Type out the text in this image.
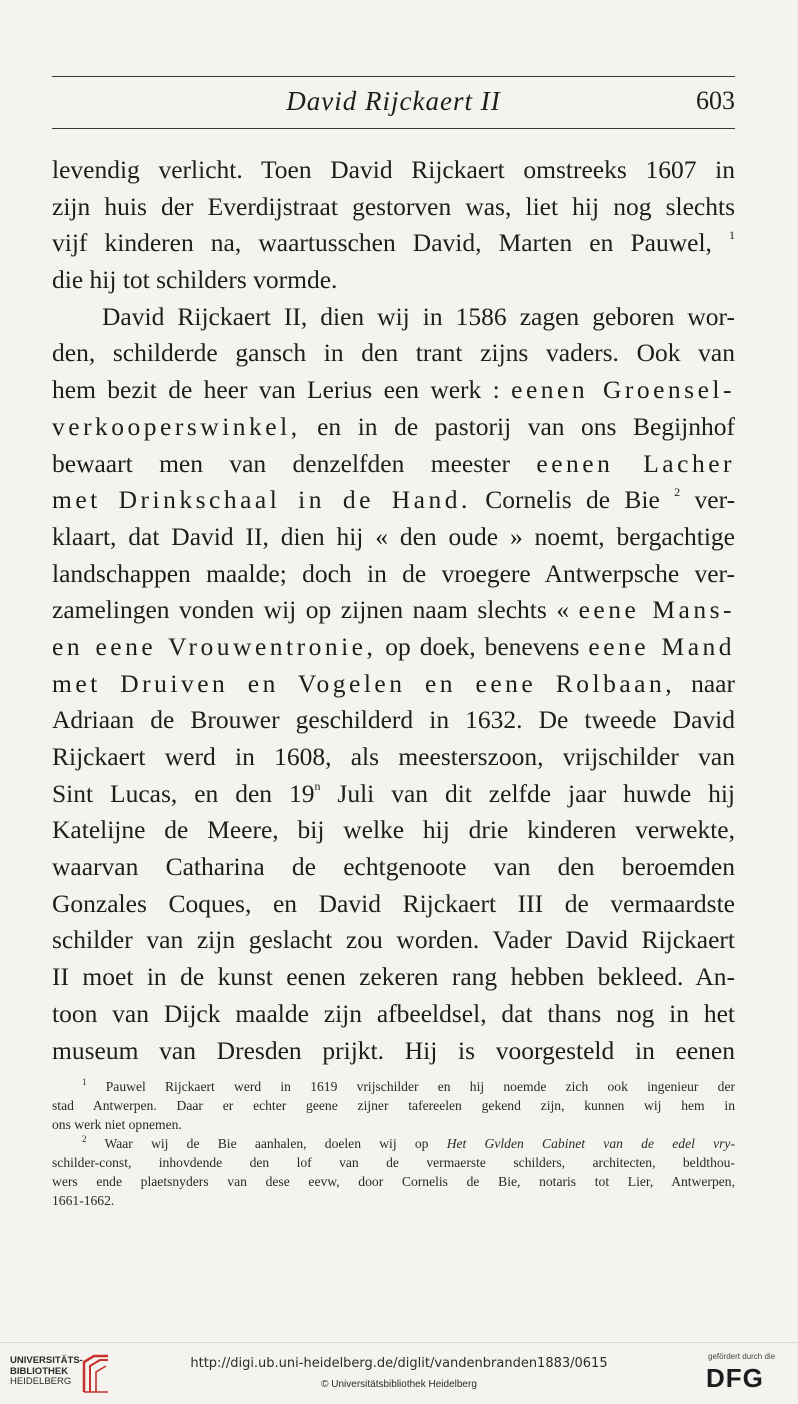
David Rijckaert II	603
levendig verlicht. Toen David Rijckaert omstreeks 1607 in
zijn huis der Everdijstraat gestorven was, liet hij nog slechts
vijf kinderen na, waartusschen David, Marten en Pauwel, $^1$
die hij tot schilders vormde.
David Rijckaert II, dien wij in 1586 zagen geboren wor-
den, schilderde gansch in den trant zijns vaders. Ook van
hem bezit de heer van Lerius een werk : eenen Groensel-
verkooperswinkel, en in de pastorij van ons Begijnhof
bewaart men van denzelfden meester eenen Lacher
met Drinkschaal in de Hand. Cornelis de Bie $^2$ ver-
klaart, dat David II, dien hij « den oude » noemt, bergachtige
landschappen maalde; doch in de vroegere Antwerpsche ver-
zamelingen vonden wij op zijnen naam slechts « eene Mans-
en eene Vrouwentronie, op doek, benevens eene Mand
met Druiven en Vogelen en eene Rolbaan, naar
Adriaan de Brouwer geschilderd in 1632. De tweede David
Rijckaert werd in 1608, als meesterszoon, vrijschilder van
Sint Lucas, en den 19$^n$ Juli van dit zelfde jaar huwde hij
Katelijne de Meere, bij welke hij drie kinderen verwekte,
waarvan Catharina de echtgenoote van den beroemden
Gonzales Coques, en David Rijckaert III de vermaardste
schilder van zijn geslacht zou worden. Vader David Rijckaert
II moet in de kunst eenen zekeren rang hebben bekleed. An-
toon van Dijck maalde zijn afbeeldsel, dat thans nog in het
museum van Dresden prijkt. Hij is voorgesteld in eenen
$^1$ Pauwel Rijckaert werd in 1619 vrijschilder en hij noemde zich ook ingenieur der
stad Antwerpen. Daar er echter geene zijner tafereelen gekend zijn, kunnen wij hem in
ons werk niet opnemen.
$^2$ Waar wij de Bie aanhalen, doelen wij op Het Gvlden Cabinet van de edel vry-
schilder-const, inhovdende den lof van de vermaerste schilders, architecten, beldthou-
wers ende plaetsnyders van dese eevw, door Cornelis de Bie, notaris tot Lier, Antwerpen,
1661-1662.
UNIVERSITÄTS-
BIBLIOTHEK
HEIDELBERG
http://digi.ub.uni-heidelberg.de/diglit/vandenbranden1883/0615
© Universitätsbibliothek Heidelberg
gefördert durch die
DFG
